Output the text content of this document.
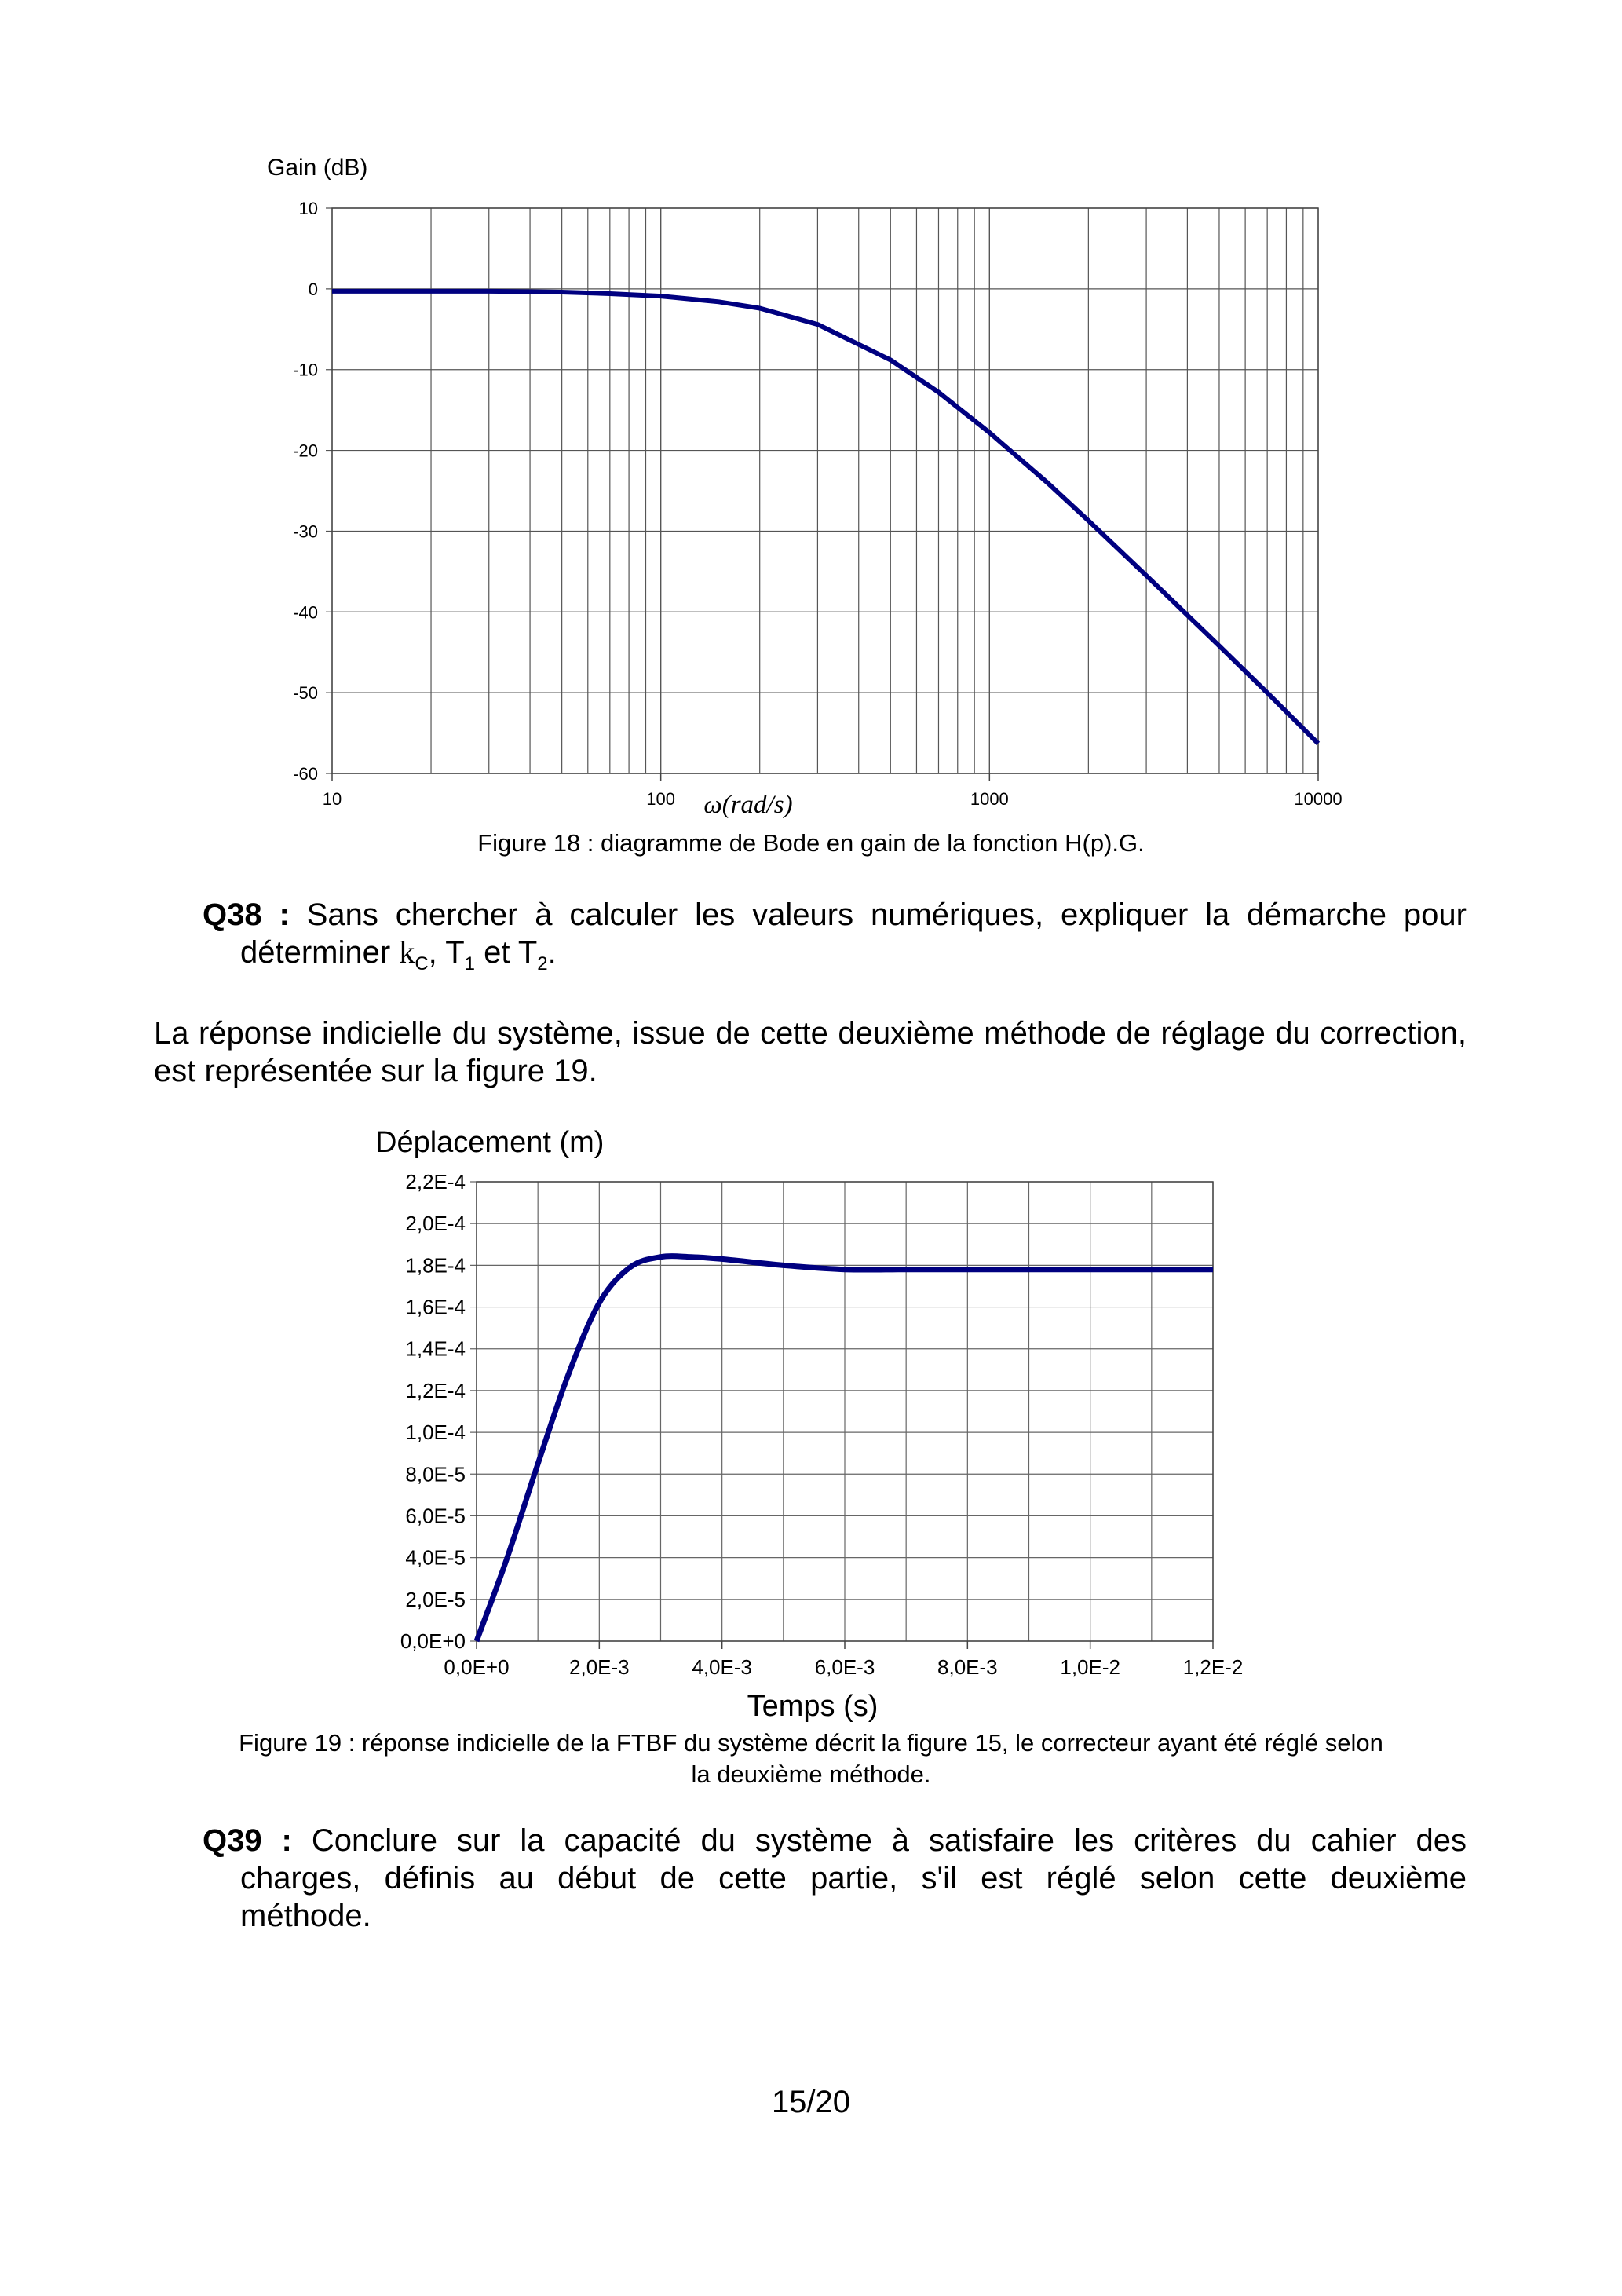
Gain (dB)
10
0
-10
-20
-30
-40
-50
-60
10	100	1000	10000
ω(rad/s)
Figure 18 : diagramme de Bode en gain de la fonction H(p).G.
Q38 : Sans chercher à calculer les valeurs numériques, expliquer la démarche pour
déterminer $k_C$, $T_1$ et $T_2$.
La réponse indicielle du système, issue de cette deuxième méthode de réglage du correction, est représentée sur la figure 19.
Déplacement (m)
2,2E-4
2,0E-4
1,8E-4
1,6E-4
1,4E-4
1,2E-4
1,0E-4
8,0E-5
6,0E-5
4,0E-5
2,0E-5
0,0E+0
0,0E+0	2,0E-3	4,0E-3	6,0E-3	8,0E-3	1,0E-2	1,2E-2
Temps (s)
Figure 19 : réponse indicielle de la FTBF du système décrit la figure 15, le correcteur ayant été réglé selon
la deuxième méthode.
Q39 : Conclure sur la capacité du système à satisfaire les critères du cahier des
charges, définis au début de cette partie, s'il est réglé selon cette deuxième
méthode.
15/20
